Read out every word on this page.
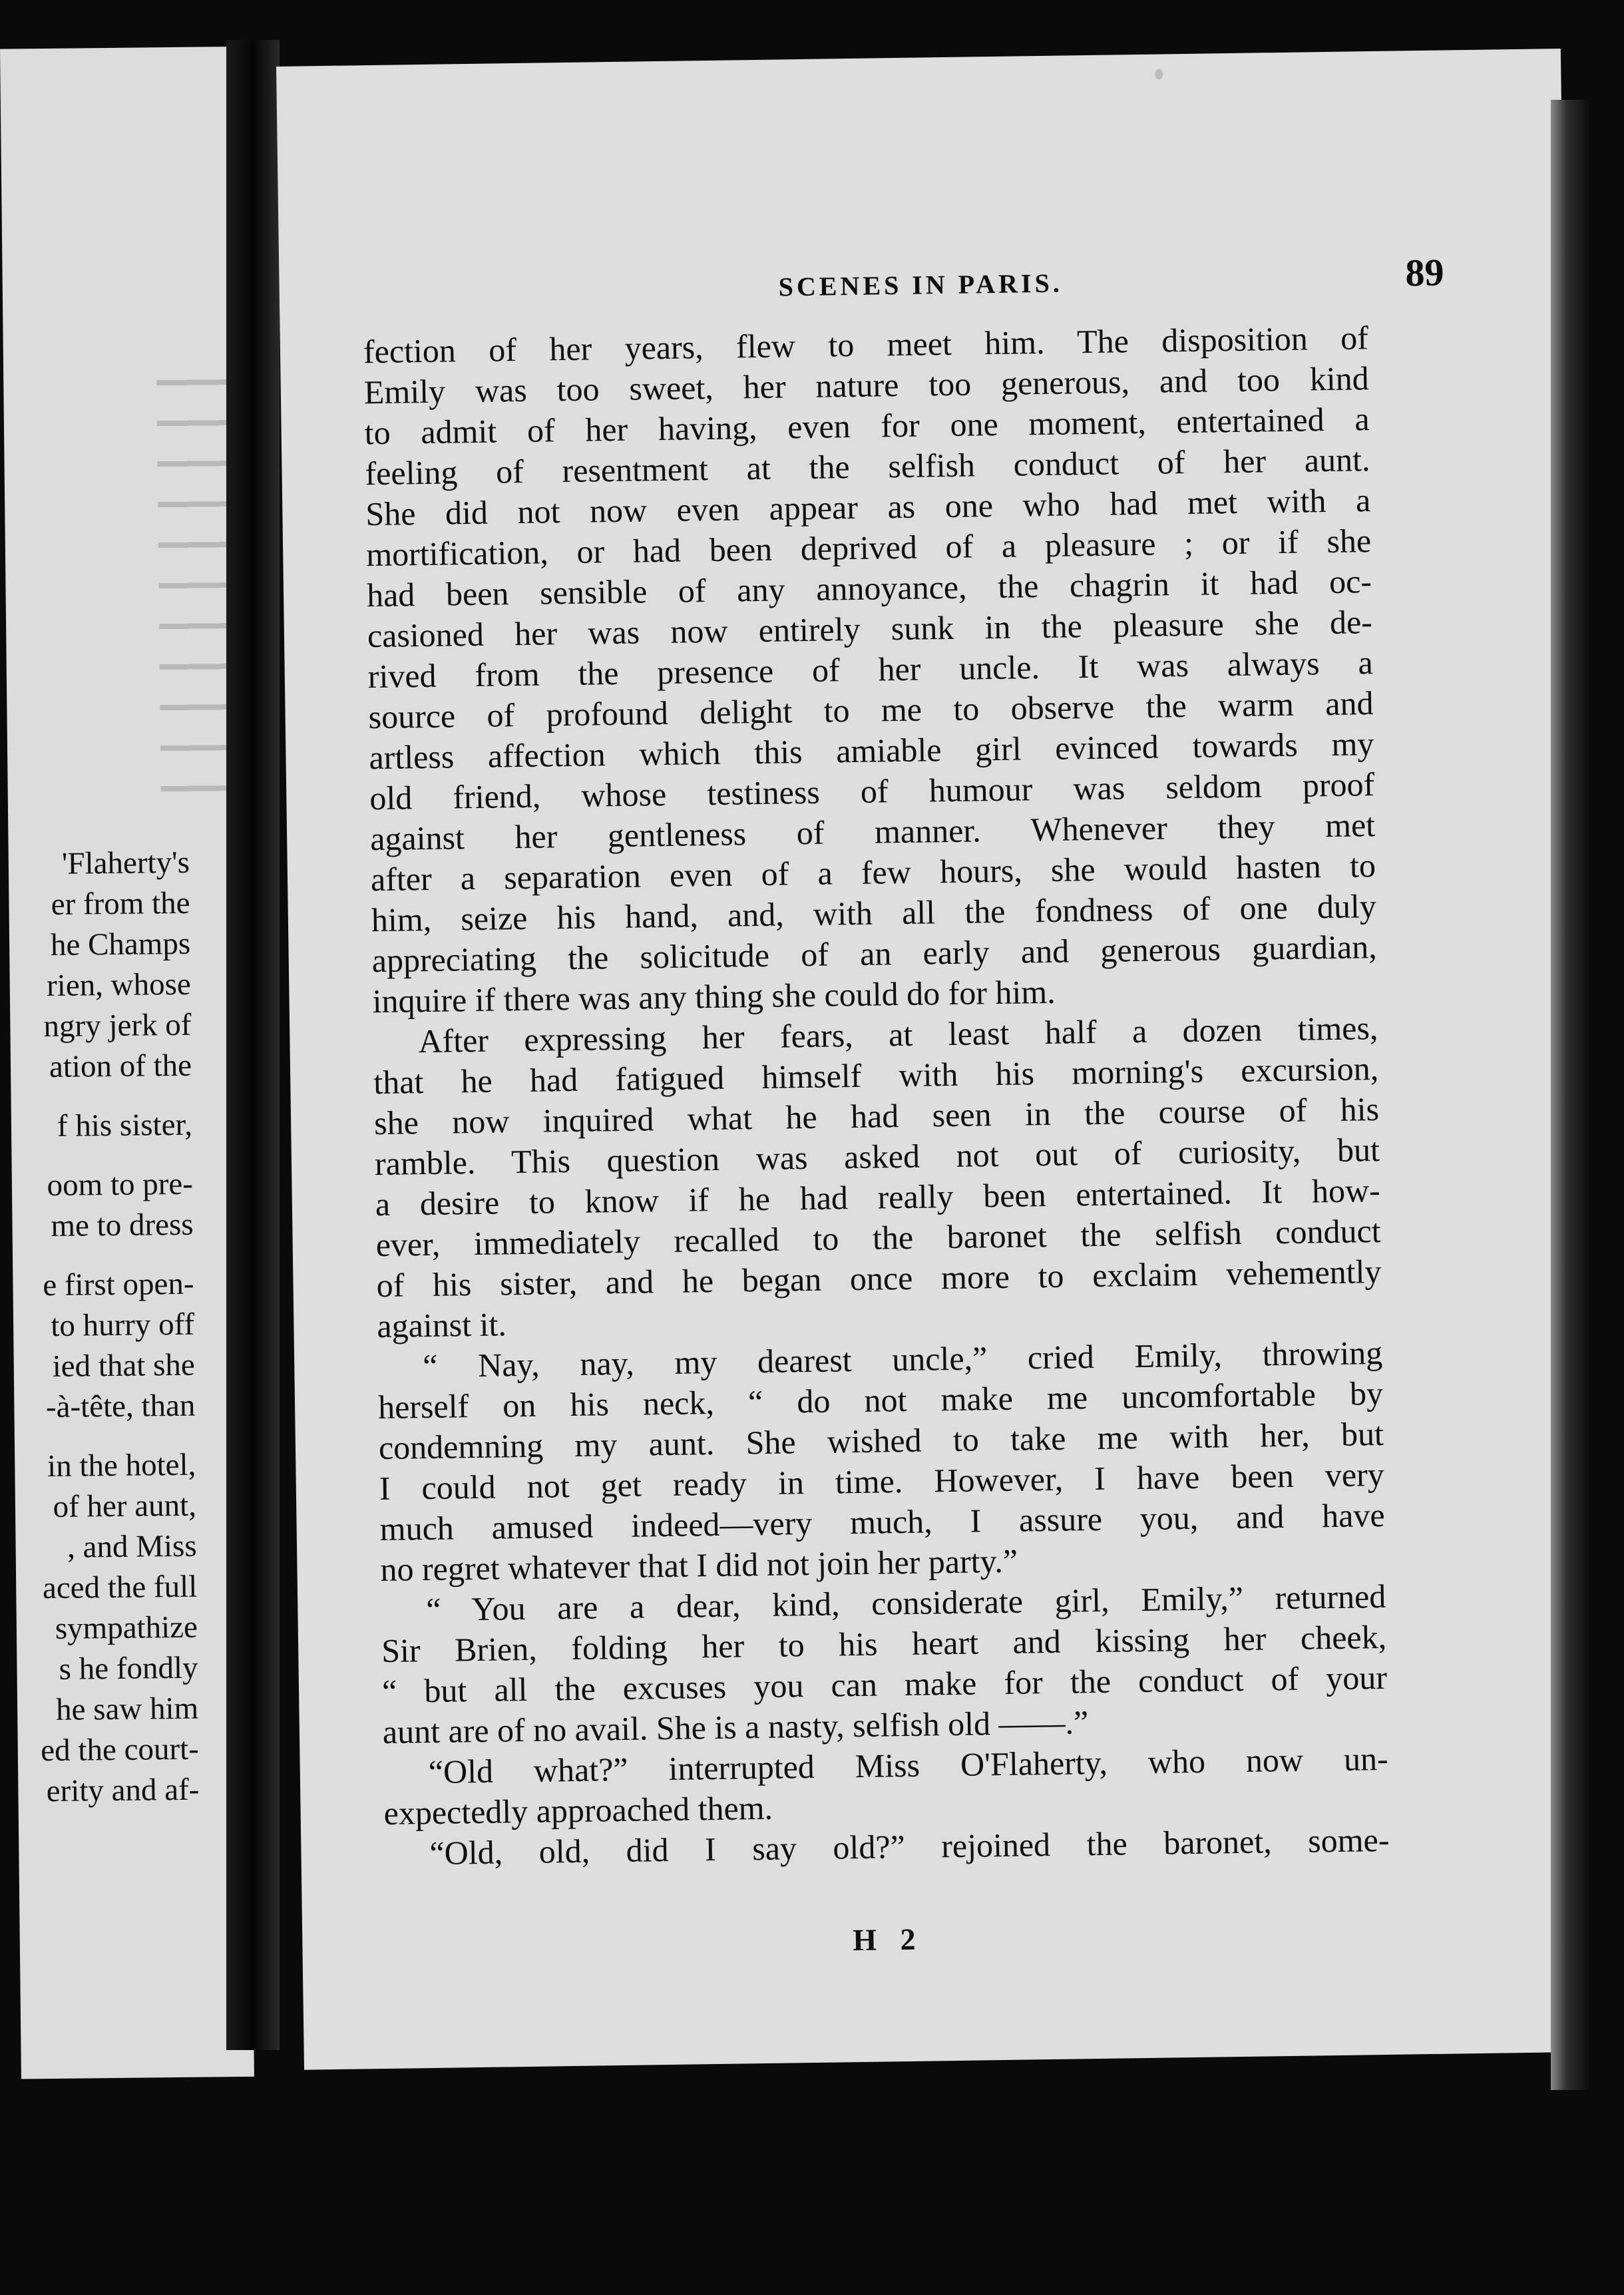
'Flaherty's
er from the
he Champs
rien, whose
ngry jerk of
ation of the
f his sister,
oom to pre-
me to dress
e first open-
to hurry off
ied that she
-à-tête, than
in the hotel,
of her aunt,
, and Miss
aced the full
sympathize
s he fondly
he saw him
ed the court-
erity and af-
SCENES IN PARIS.	89
fection of her years, flew to meet him. The disposition of
Emily was too sweet, her nature too generous, and too kind
to admit of her having, even for one moment, entertained a
feeling of resentment at the selfish conduct of her aunt.
She did not now even appear as one who had met with a
mortification, or had been deprived of a pleasure ; or if she
had been sensible of any annoyance, the chagrin it had oc-
casioned her was now entirely sunk in the pleasure she de-
rived from the presence of her uncle. It was always a
source of profound delight to me to observe the warm and
artless affection which this amiable girl evinced towards my
old friend, whose testiness of humour was seldom proof
against her gentleness of manner. Whenever they met
after a separation even of a few hours, she would hasten to
him, seize his hand, and, with all the fondness of one duly
appreciating the solicitude of an early and generous guardian,
inquire if there was any thing she could do for him.
After expressing her fears, at least half a dozen times,
that he had fatigued himself with his morning's excursion,
she now inquired what he had seen in the course of his
ramble. This question was asked not out of curiosity, but
a desire to know if he had really been entertained. It how-
ever, immediately recalled to the baronet the selfish conduct
of his sister, and he began once more to exclaim vehemently
against it.
“ Nay, nay, my dearest uncle,” cried Emily, throwing
herself on his neck, “ do not make me uncomfortable by
condemning my aunt. She wished to take me with her, but
I could not get ready in time. However, I have been very
much amused indeed—very much, I assure you, and have
no regret whatever that I did not join her party.”
“ You are a dear, kind, considerate girl, Emily,” returned
Sir Brien, folding her to his heart and kissing her cheek,
“ but all the excuses you can make for the conduct of your
aunt are of no avail. She is a nasty, selfish old ——.”
“Old what?” interrupted Miss O'Flaherty, who now un-
expectedly approached them.
“Old, old, did I say old?” rejoined the baronet, some-
H 2
